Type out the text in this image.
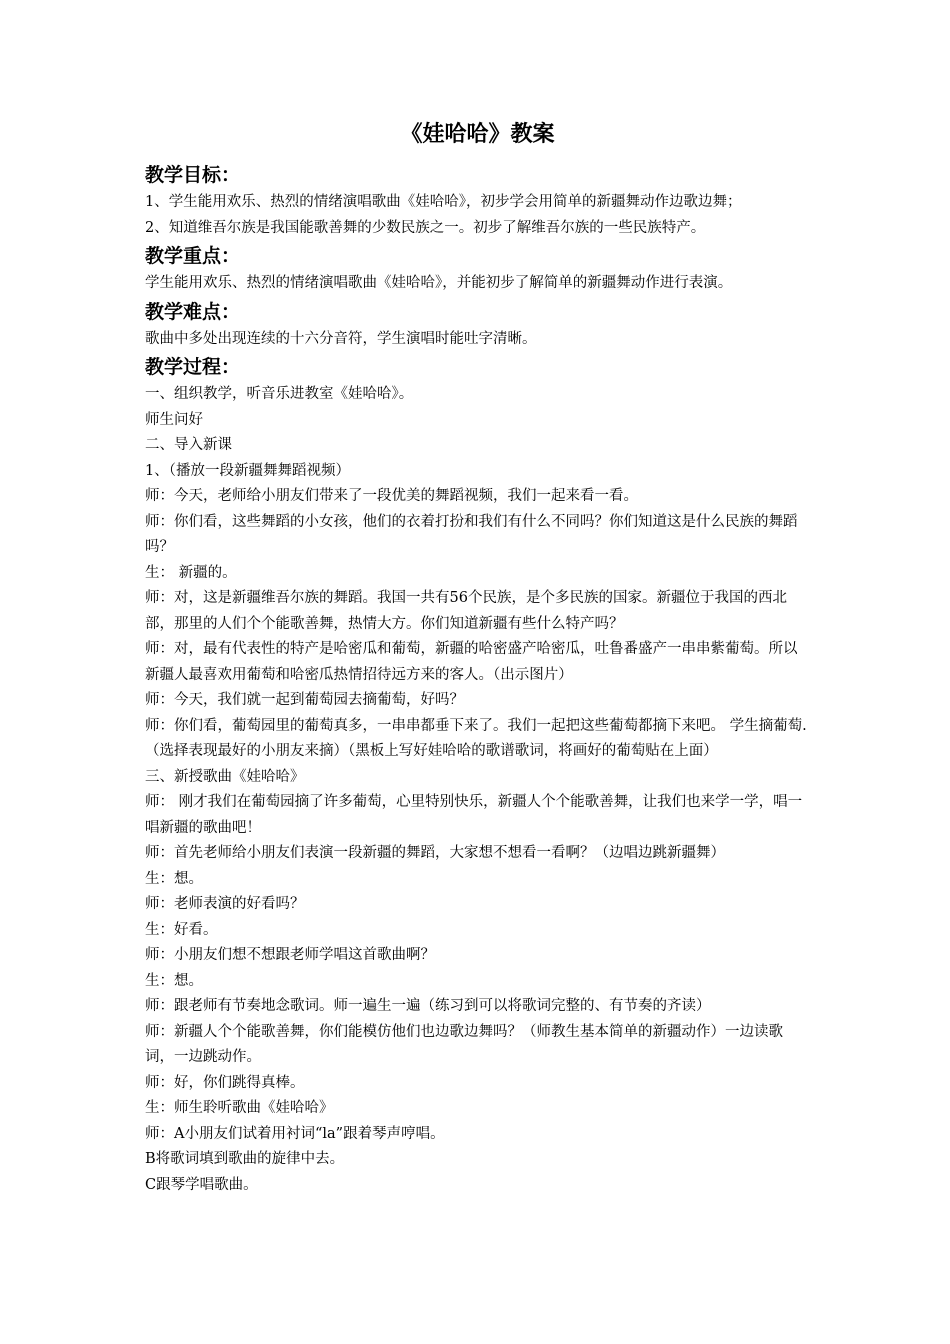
《娃哈哈》教案
教学目标：
1、学生能用欢乐、热烈的情绪演唱歌曲《娃哈哈》，初步学会用简单的新疆舞动作边歌边舞；
2、知道维吾尔族是我国能歌善舞的少数民族之一。初步了解维吾尔族的一些民族特产。
教学重点：
学生能用欢乐、热烈的情绪演唱歌曲《娃哈哈》，并能初步了解简单的新疆舞动作进行表演。
教学难点：
歌曲中多处出现连续的十六分音符，学生演唱时能吐字清晰。
教学过程：
一、组织教学，听音乐进教室《娃哈哈》。
师生问好
二、导入新课
1、（播放一段新疆舞舞蹈视频）
师：今天，老师给小朋友们带来了一段优美的舞蹈视频，我们一起来看一看。
师：你们看，这些舞蹈的小女孩，他们的衣着打扮和我们有什么不同吗？你们知道这是什么民族的舞蹈吗？
生： 新疆的。
师：对，这是新疆维吾尔族的舞蹈。我国一共有56个民族，是个多民族的国家。新疆位于我国的西北部，那里的人们个个能歌善舞，热情大方。你们知道新疆有些什么特产吗？
师：对，最有代表性的特产是哈密瓜和葡萄，新疆的哈密盛产哈密瓜，吐鲁番盛产一串串紫葡萄。所以新疆人最喜欢用葡萄和哈密瓜热情招待远方来的客人。（出示图片）
师：今天，我们就一起到葡萄园去摘葡萄，好吗？
师：你们看，葡萄园里的葡萄真多，一串串都垂下来了。我们一起把这些葡萄都摘下来吧。 学生摘葡萄.（选择表现最好的小朋友来摘）（黑板上写好娃哈哈的歌谱歌词，将画好的葡萄贴在上面）
三、新授歌曲《娃哈哈》
师： 刚才我们在葡萄园摘了许多葡萄，心里特别快乐，新疆人个个能歌善舞，让我们也来学一学，唱一唱新疆的歌曲吧！
师：首先老师给小朋友们表演一段新疆的舞蹈，大家想不想看一看啊？（边唱边跳新疆舞）
生：想。
师：老师表演的好看吗？
生：好看。
师：小朋友们想不想跟老师学唱这首歌曲啊？
生：想。
师：跟老师有节奏地念歌词。师一遍生一遍（练习到可以将歌词完整的、有节奏的齐读）
师：新疆人个个能歌善舞，你们能模仿他们也边歌边舞吗？（师教生基本简单的新疆动作）一边读歌词，一边跳动作。
师：好，你们跳得真棒。
生：师生聆听歌曲《娃哈哈》
师：A小朋友们试着用衬词“la”跟着琴声哼唱。
B将歌词填到歌曲的旋律中去。
C跟琴学唱歌曲。
